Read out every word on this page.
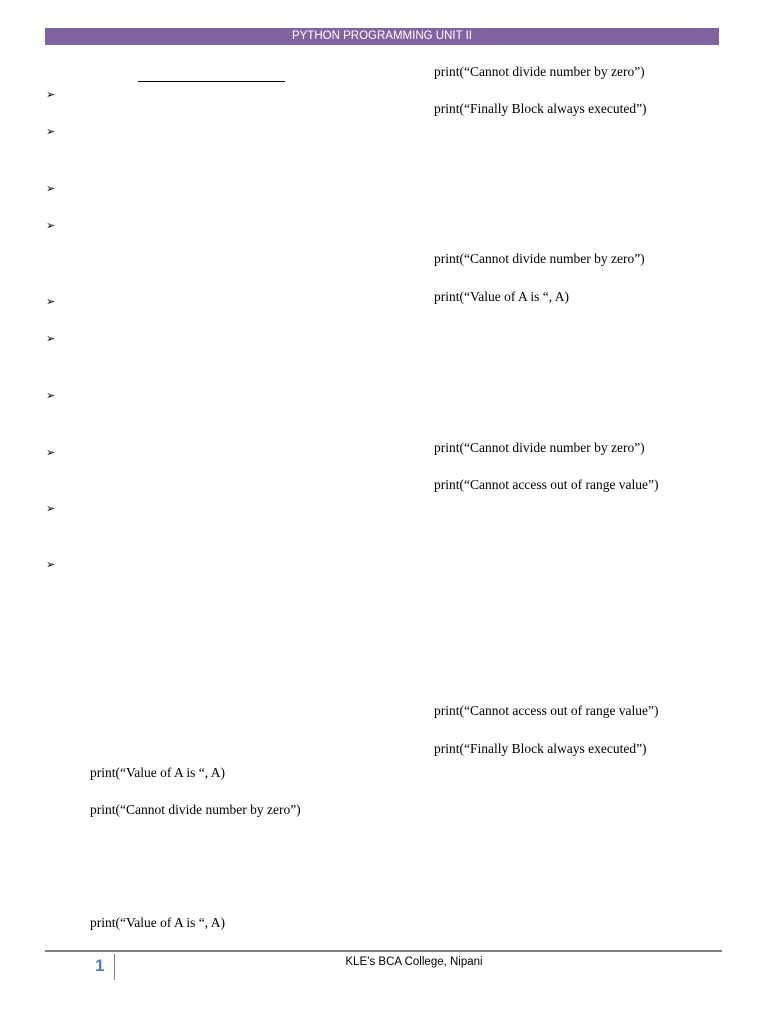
PYTHON PROGRAMMING UNIT II
➢
➢
➢
➢
➢
➢
➢
➢
➢
➢
print(“Cannot divide number by zero”)
print(“Finally Block always executed”)
print(“Cannot divide number by zero”)
print(“Value of A is “, A)
print(“Cannot divide number by zero”)
print(“Cannot access out of range value”)
print(“Cannot access out of range value”)
print(“Finally Block always executed”)
print(“Value of A is “, A)
print(“Cannot divide number by zero”)
print(“Value of A is “, A)
1	KLE’s BCA College, Nipani
